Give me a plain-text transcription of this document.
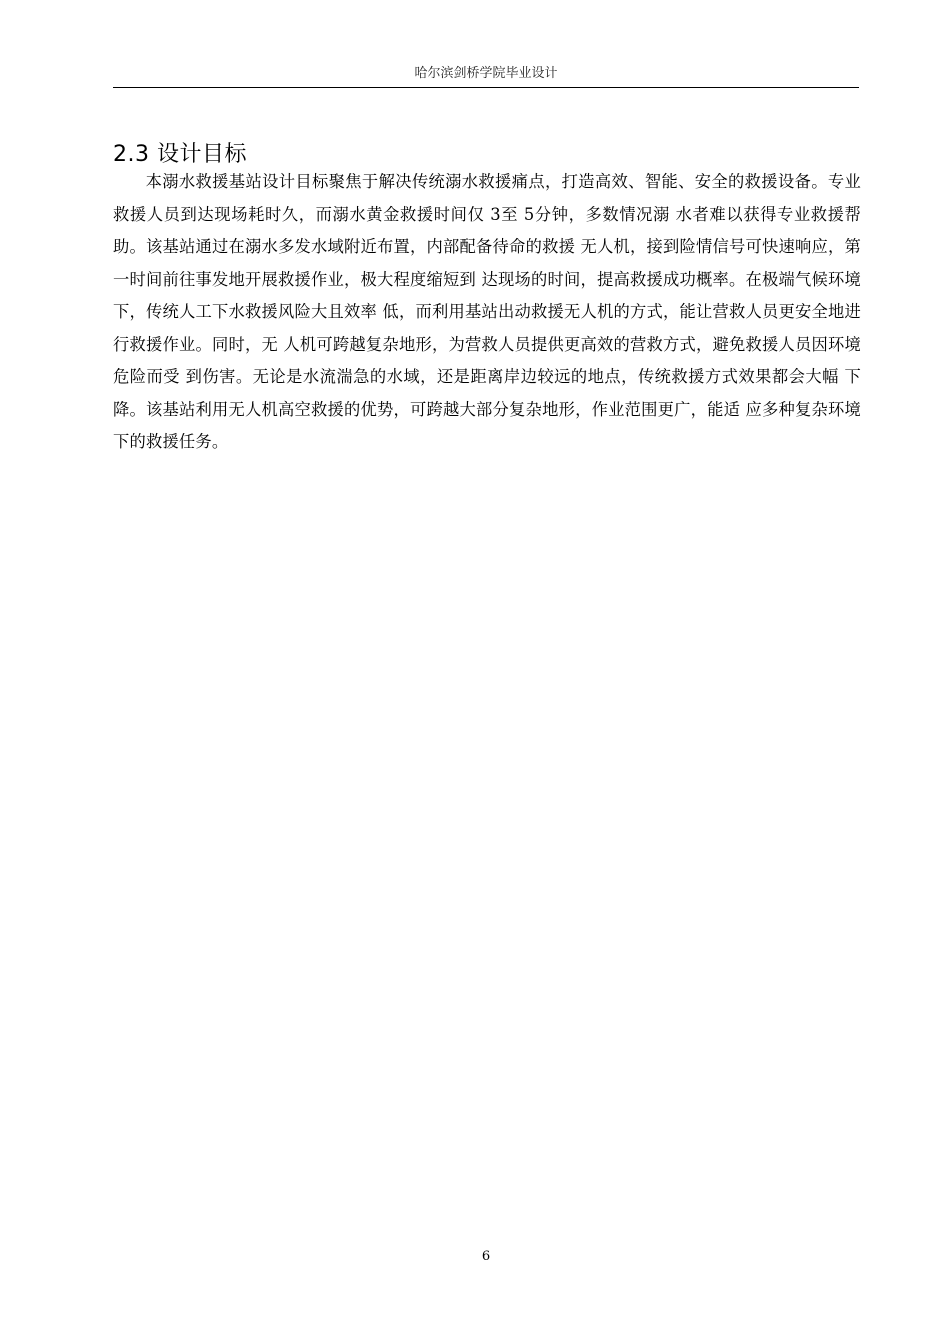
哈尔滨剑桥学院毕业设计
2.3 设计目标

本溺水救援基站设计目标聚焦于解决传统溺水救援痛点，打造高效、智能、安全的救援设备。专业救援人员到达现场耗时久，而溺水黄金救援时间仅 3至 5分钟，多数情况溺 水者难以获得专业救援帮助。该基站通过在溺水多发水域附近布置，内部配备待命的救援 无人机，接到险情信号可快速响应，第一时间前往事发地开展救援作业，极大程度缩短到 达现场的时间，提高救援成功概率。在极端气候环境下，传统人工下水救援风险大且效率 低，而利用基站出动救援无人机的方式，能让营救人员更安全地进行救援作业。同时，无 人机可跨越复杂地形，为营救人员提供更高效的营救方式，避免救援人员因环境危险而受 到伤害。无论是水流湍急的水域，还是距离岸边较远的地点，传统救援方式效果都会大幅 下降。该基站利用无人机高空救援的优势，可跨越大部分复杂地形，作业范围更广，能适 应多种复杂环境下的救援任务。

6
